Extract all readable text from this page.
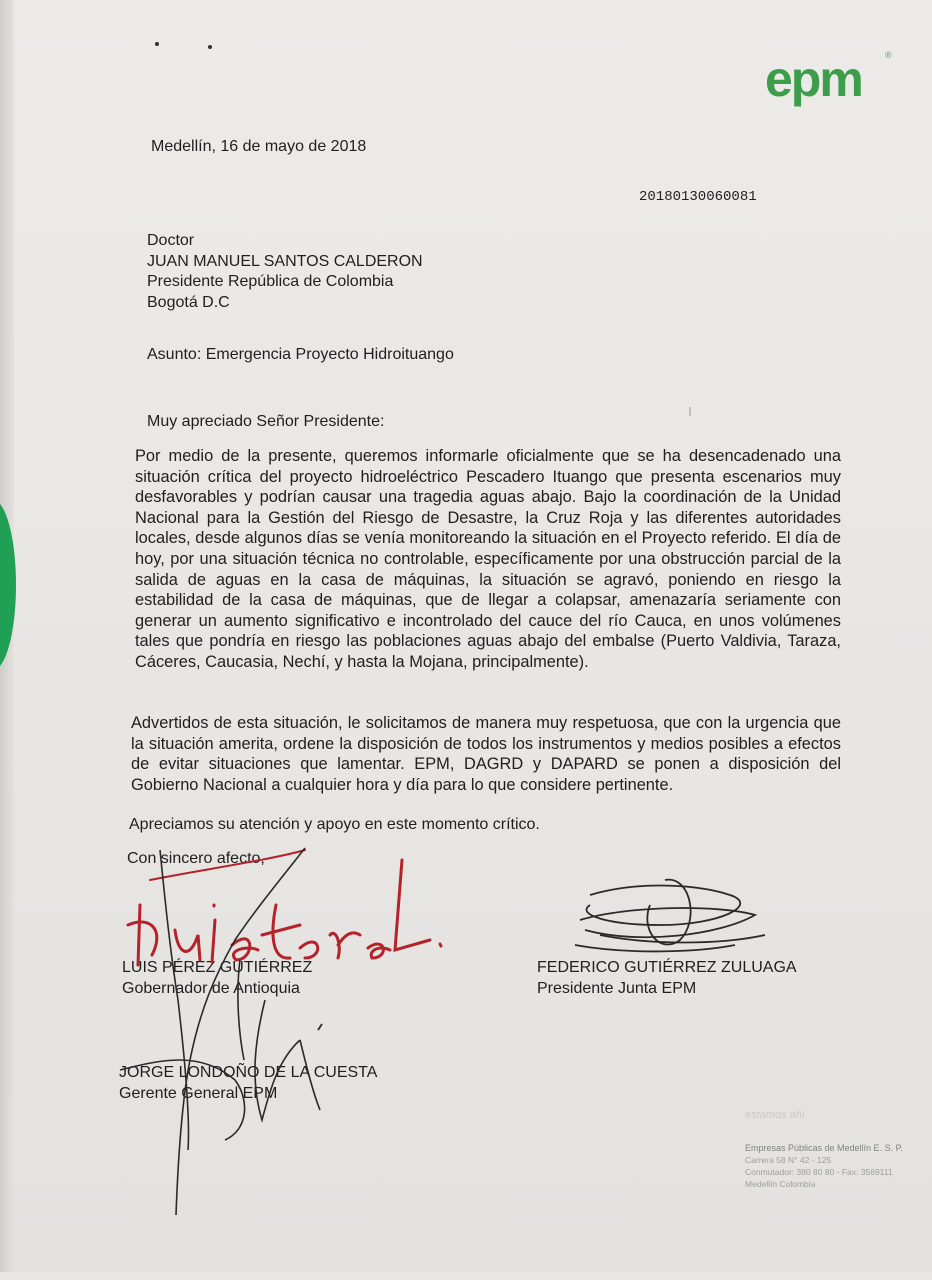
epm	®

Medellín, 16 de mayo de 2018

20180130060081

Doctor
JUAN MANUEL SANTOS CALDERON
Presidente República de Colombia
Bogotá D.C

Asunto: Emergencia Proyecto Hidroituango

Muy apreciado Señor Presidente:

Por medio de la presente, queremos informarle oficialmente que se ha desencadenado una situación crítica del proyecto hidroeléctrico Pescadero Ituango que presenta escenarios muy desfavorables y podrían causar una tragedia aguas abajo. Bajo la coordinación de la Unidad Nacional para la Gestión del Riesgo de Desastre, la Cruz Roja y las diferentes autoridades locales, desde algunos días se venía monitoreando la situación en el Proyecto referido. El día de hoy, por una situación técnica no controlable, específicamente por una obstrucción parcial de la salida de aguas en la casa de máquinas, la situación se agravó, poniendo en riesgo la estabilidad de la casa de máquinas, que de llegar a colapsar, amenazaría seriamente con generar un aumento significativo e incontrolado del cauce del río Cauca, en unos volúmenes tales que pondría en riesgo las poblaciones aguas abajo del embalse (Puerto Valdivia, Taraza, Cáceres, Caucasia, Nechí, y hasta la Mojana, principalmente).

Advertidos de esta situación, le solicitamos de manera muy respetuosa, que con la urgencia que la situación amerita, ordene la disposición de todos los instrumentos y medios posibles a efectos de evitar situaciones que lamentar. EPM, DAGRD y DAPARD se ponen a disposición del Gobierno Nacional a cualquier hora y día para lo que considere pertinente.

Apreciamos su atención y apoyo en este momento crítico.

Con sincero afecto,

LUIS PÉREZ GUTIÉRREZ
Gobernador de Antioquia
FEDERICO GUTIÉRREZ ZULUAGA
Presidente Junta EPM
JORGE LONDOÑO DE LA CUESTA
Gerente General EPM

estamos ahí

Empresas Públicas de Medellín E. S. P.
Carrera 58 N° 42 - 125
Conmutador: 380 80 80 - Fax: 3569111
Medellín Colombia
